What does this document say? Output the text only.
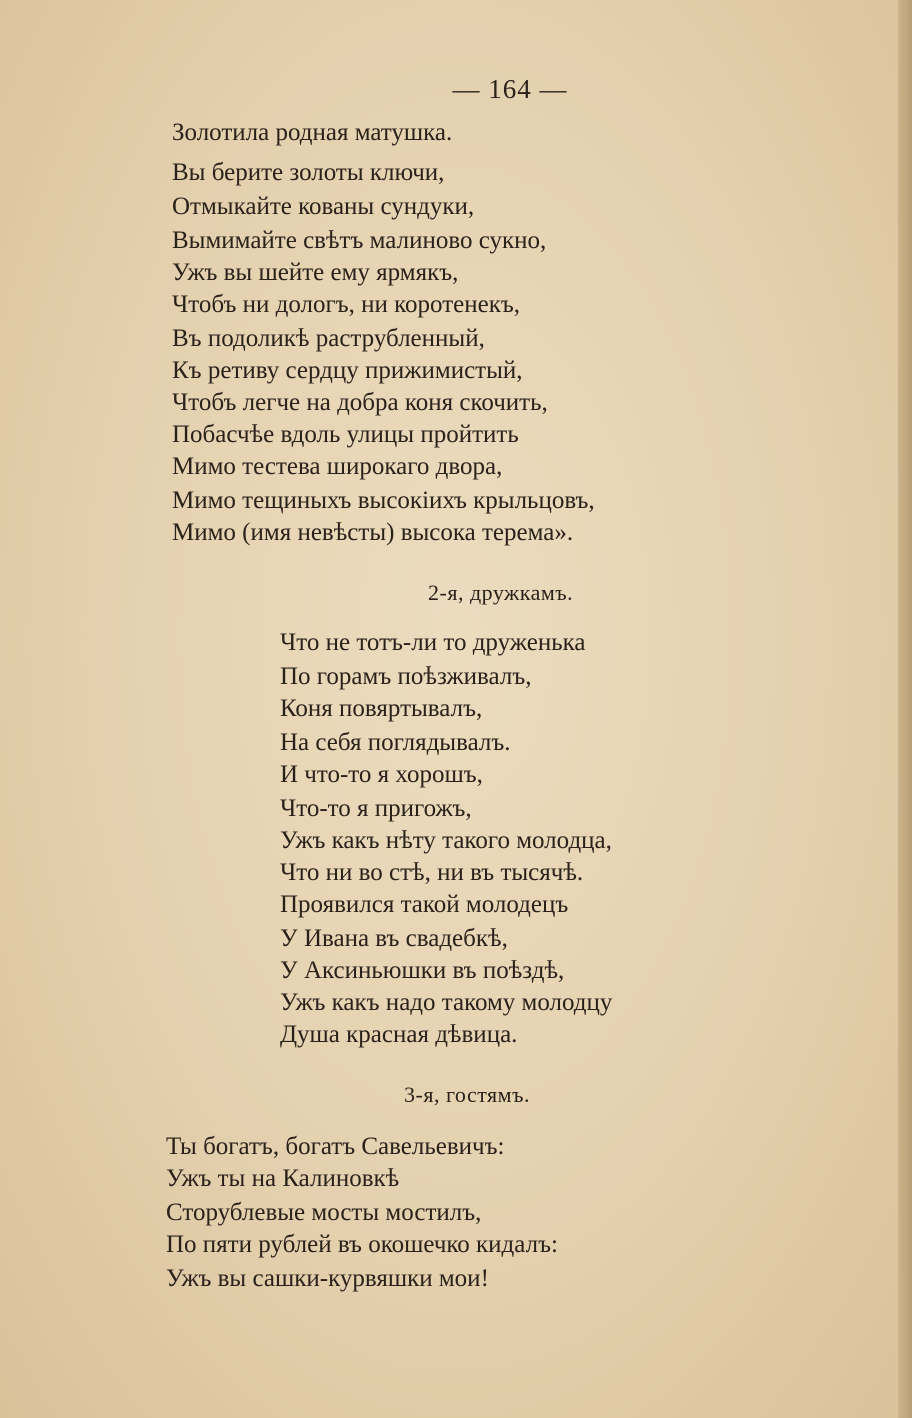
— 164 —
Золотила родная матушка.
Вы берите золоты ключи,
Отмыкайте кованы сундуки,
Вымимайте свѣтъ малиново сукно,
Ужъ вы шейте ему ярмякъ,
Чтобъ ни дологъ, ни коротенекъ,
Въ подоликѣ раструбленный,
Къ ретиву сердцу прижимистый,
Чтобъ легче на добра коня скочить,
Побасчѣе вдоль улицы пройтить
Мимо тестева широкаго двора,
Мимо тещиныхъ высокiихъ крыльцовъ,
Мимо (имя невѣсты) высока терема».
2-я, дружкамъ.
Что не тотъ-ли то друженька
По горамъ поѣзживалъ,
Коня повяртывалъ,
На себя поглядывалъ.
И что-то я хорошъ,
Что-то я пригожъ,
Ужъ какъ нѣту такого молодца,
Что ни во стѣ, ни въ тысячѣ.
Проявился такой молодецъ
У Ивана въ свадебкѣ,
У Аксиньюшки въ поѣздѣ,
Ужъ какъ надо такому молодцу
Душа красная дѣвица.
3-я, гостямъ.
Ты богатъ, богатъ Савельевичъ:
Ужъ ты на Калиновкѣ
Сторублевые мосты мостилъ,
По пяти рублей въ окошечко кидалъ:
Ужъ вы сашки-курвяшки мои!
